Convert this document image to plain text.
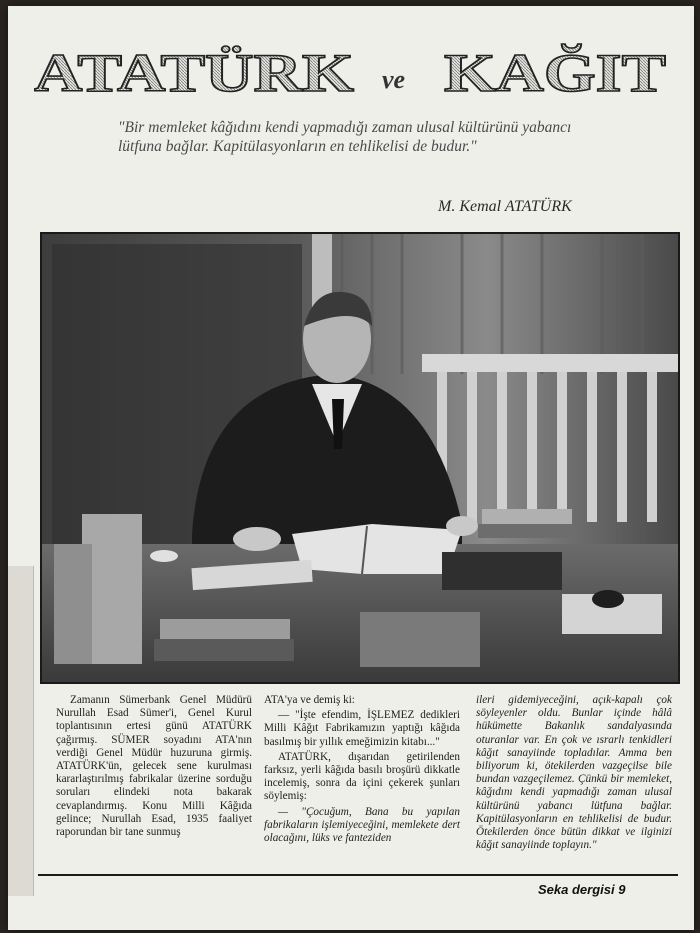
ATATÜRK ve KAĞIT

"Bir memleket kâğıdını kendi yapmadığı zaman ulusal kültürünü yabancı lütfuna bağlar. Kapitülasyonların en tehlikelisi de budur."

M. Kemal ATATÜRK

Zamanın Sümerbank Genel Müdürü Nurullah Esad Sümer'i, Genel Kurul toplantısının ertesi günü ATATÜRK çağırmış. SÜMER soyadını ATA'nın verdiği Genel Müdür huzuruna girmiş. ATATÜRK'ün, gelecek sene kurulması kararlaştırılmış fabrikalar üzerine sorduğu soruları elindeki nota bakarak cevaplandırmış. Konu Milli Kâğıda gelince; Nurullah Esad, 1935 faaliyet raporundan bir tane sunmuş

ATA'ya ve demiş ki:

— "İşte efendim, İŞLEMEZ dedikleri Milli Kâğıt Fabrikamızın yaptığı kâğıda basılmış bir yıllık emeğimizin kitabı..."

ATATÜRK, dışarıdan getirilenden farksız, yerli kâğıda basılı broşürü dikkatle incelemiş, sonra da içini çekerek şunları söylemiş:

— "Çocuğum, Bana bu yapılan fabrikaların işlemiyeceğini, memlekete dert olacağını, lüks ve fanteziden

ileri gidemiyeceğini, açık-kapalı çok söyleyenler oldu. Bunlar içinde hâlâ hükümette Bakanlık sandalyasında oturanlar var. En çok ve ısrarlı tenkidleri kâğıt sanayiinde topladılar. Amma ben biliyorum ki, ötekilerden vazgeçilse bile bundan vazgeçilemez. Çünkü bir memleket, kâğıdını kendi yapmadığı zaman ulusal kültürünü yabancı lütfuna bağlar. Kapitülasyonların en tehlikelisi de budur. Ötekilerden önce bütün dikkat ve ilginizi kâğıt sanayiinde toplayın."

Seka dergisi 9
